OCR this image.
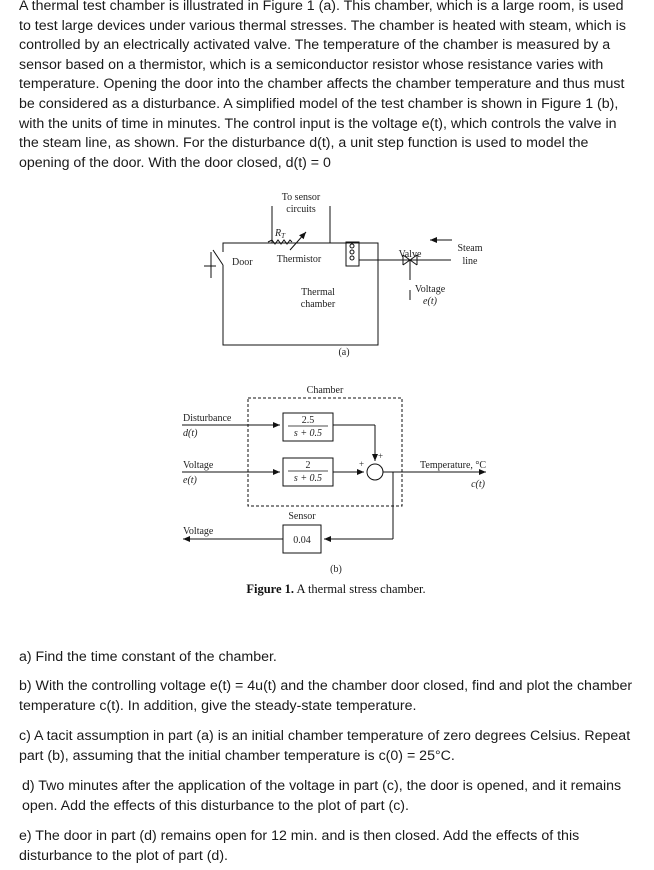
A thermal test chamber is illustrated in Figure 1 (a). This chamber, which is a large room, is used to test large devices under various thermal stresses. The chamber is heated with steam, which is controlled by an electrically activated valve. The temperature of the chamber is measured by a sensor based on a thermistor, which is a semiconductor resistor whose resistance varies with temperature. Opening the door into the chamber affects the chamber temperature and thus must be considered as a disturbance. A simplified model of the test chamber is shown in Figure 1 (b), with the units of time in minutes. The control input is the voltage e(t), which controls the valve in the steam line, as shown. For the disturbance d(t), a unit step function is used to model the opening of the door. With the door closed, d(t) = 0

To sensor
circuits
$R_T$
Thermistor
Door
Thermal
chamber
Valve
Steam
line
Voltage
e(t)
(a)
Chamber
Disturbance
d(t)
Voltage
e(t)
Voltage
2.5
s + 0.5
2
s + 0.5
Sensor
0.04
Temperature, °C
c(t)
+
+
(b)
Figure 1. A thermal stress chamber.

a) Find the time constant of the chamber.

b) With the controlling voltage e(t) = 4u(t) and the chamber door closed, find and plot the chamber temperature c(t). In addition, give the steady-state temperature.

c) A tacit assumption in part (a) is an initial chamber temperature of zero degrees Celsius. Repeat part (b), assuming that the initial chamber temperature is c(0) = 25°C.

d) Two minutes after the application of the voltage in part (c), the door is opened, and it remains open. Add the effects of this disturbance to the plot of part (c).

e) The door in part (d) remains open for 12 min. and is then closed. Add the effects of this disturbance to the plot of part (d).
